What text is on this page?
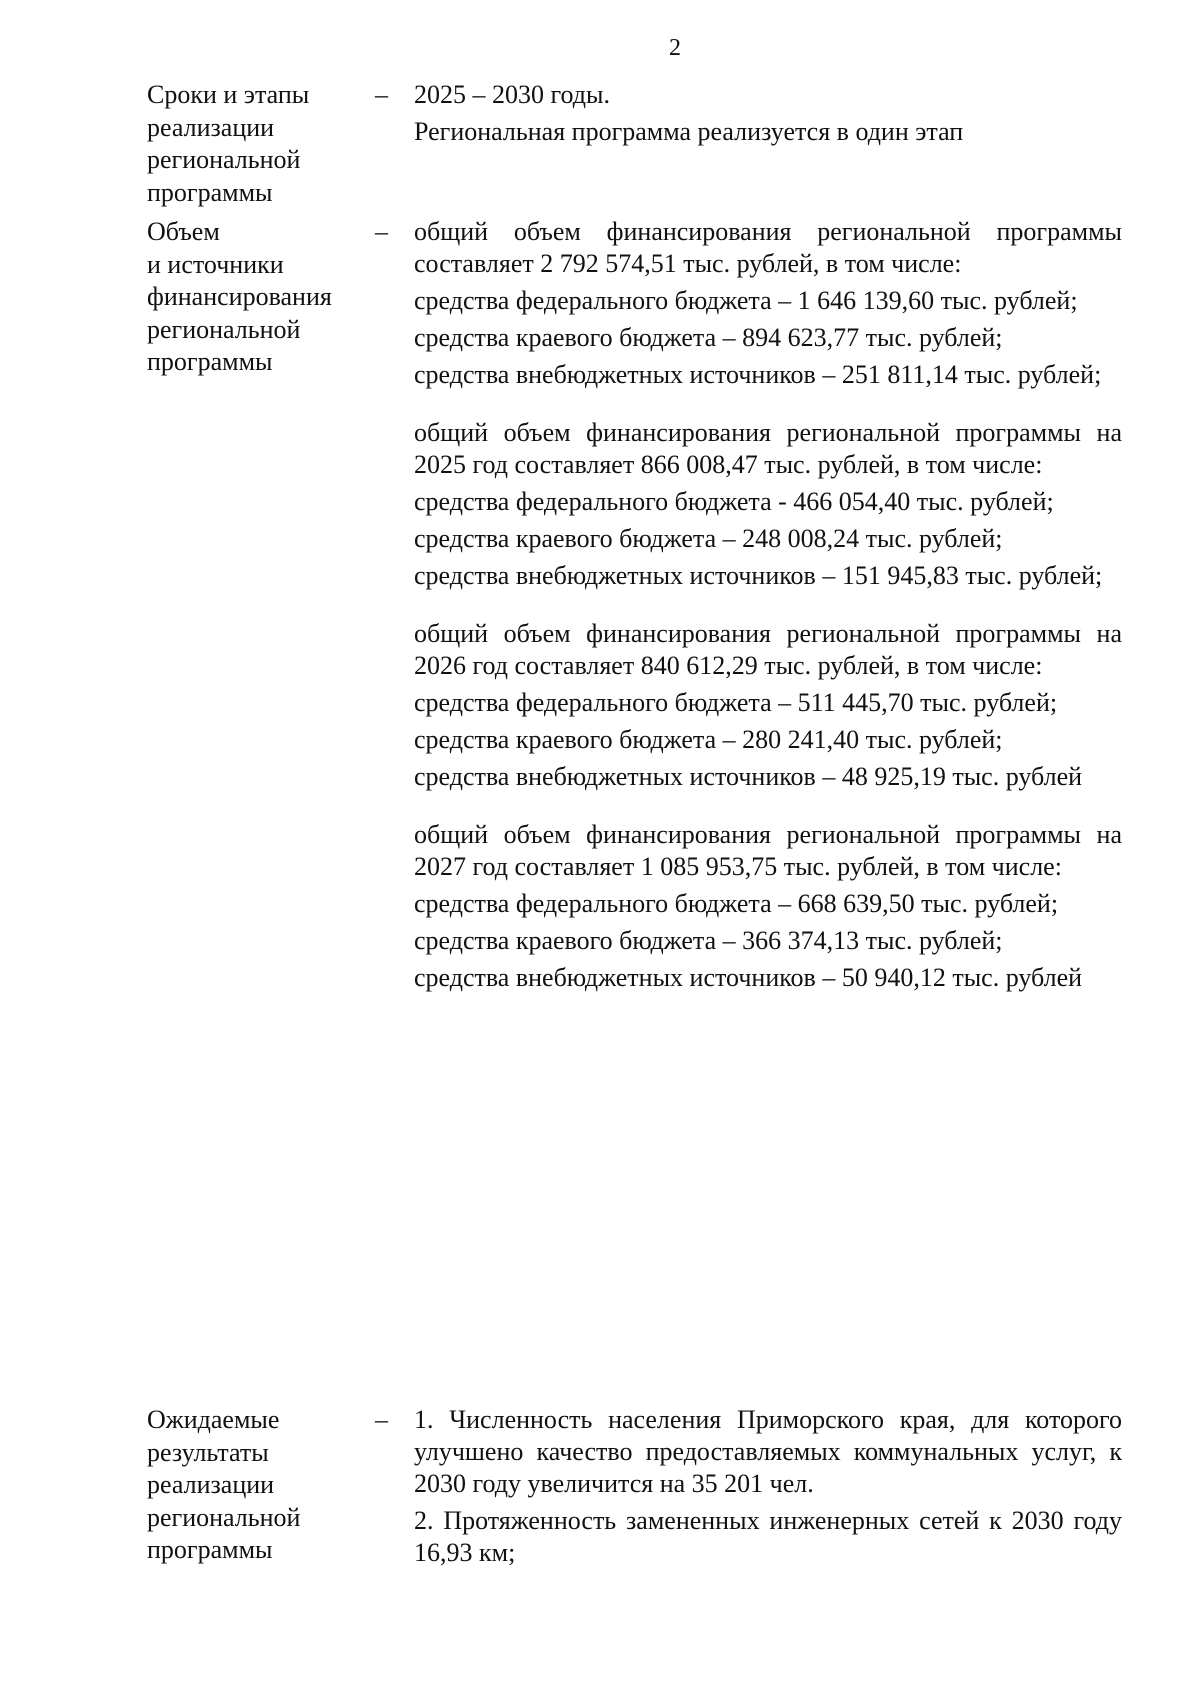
2
Сроки и этапы
реализации
региональной
программы
– 2025 – 2030 годы.

Региональная программа реализуется в один этап

Объем
и источники
финансирования
региональной
программы
– общий объем финансирования региональной программы составляет 2 792 574,51 тыс. рублей, в том числе:

средства федерального бюджета – 1 646 139,60 тыс. рублей;

средства краевого бюджета – 894 623,77 тыс. рублей;

средства внебюджетных источников – 251 811,14 тыс. рублей;

общий объем финансирования региональной программы на 2025 год составляет 866 008,47 тыс. рублей, в том числе:

средства федерального бюджета - 466 054,40 тыс. рублей;

средства краевого бюджета – 248 008,24 тыс. рублей;

средства внебюджетных источников – 151 945,83 тыс. рублей;

общий объем финансирования региональной программы на 2026 год составляет 840 612,29 тыс. рублей, в том числе:

средства федерального бюджета – 511 445,70 тыс. рублей;

средства краевого бюджета – 280 241,40 тыс. рублей;

средства внебюджетных источников – 48 925,19 тыс. рублей

общий объем финансирования региональной программы на 2027 год составляет 1 085 953,75 тыс. рублей, в том числе:

средства федерального бюджета – 668 639,50 тыс. рублей;

средства краевого бюджета – 366 374,13 тыс. рублей;

средства внебюджетных источников – 50 940,12 тыс. рублей

Ожидаемые
результаты
реализации
региональной
программы
– 1. Численность населения Приморского края, для которого улучшено качество предоставляемых коммунальных услуг, к 2030 году увеличится на 35 201 чел.

2. Протяженность замененных инженерных сетей к 2030 году 16,93 км;
